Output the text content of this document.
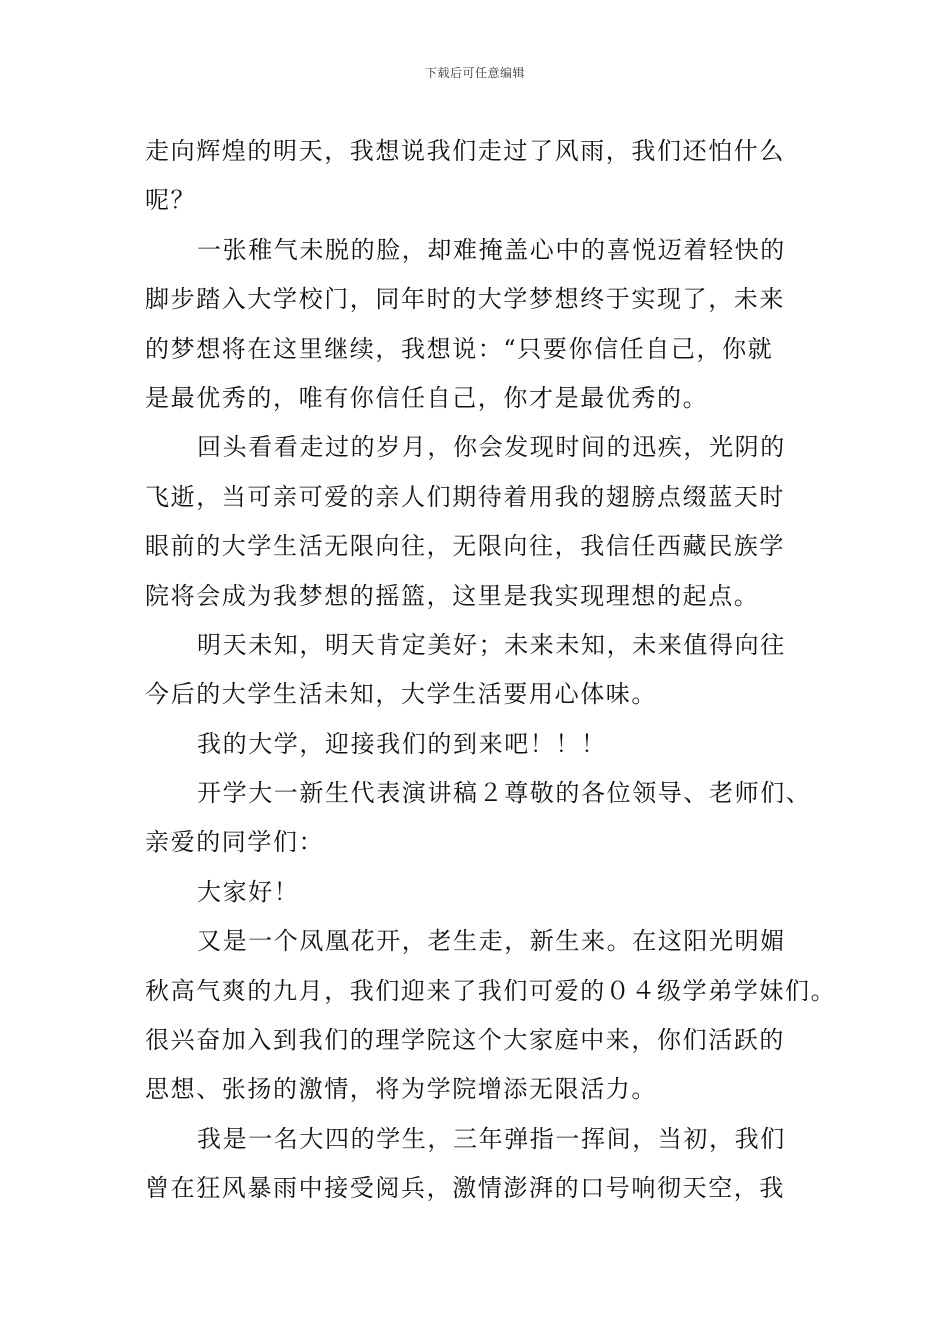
下载后可任意编辑
走向辉煌的明天，我想说我们走过了风雨，我们还怕什么
呢？
一张稚气未脱的脸，却难掩盖心中的喜悦迈着轻快的
脚步踏入大学校门，同年时的大学梦想终于实现了，未来
的梦想将在这里继续，我想说：“只要你信任自己，你就
是最优秀的，唯有你信任自己，你才是最优秀的。
回头看看走过的岁月，你会发现时间的迅疾，光阴的
飞逝，当可亲可爱的亲人们期待着用我的翅膀点缀蓝天时
眼前的大学生活无限向往，无限向往，我信任西藏民族学
院将会成为我梦想的摇篮，这里是我实现理想的起点。
明天未知，明天肯定美好；未来未知，未来值得向往
今后的大学生活未知，大学生活要用心体味。
我的大学，迎接我们的到来吧！！！
开学大一新生代表演讲稿２尊敬的各位领导、老师们、
亲爱的同学们：
大家好！
又是一个凤凰花开，老生走，新生来。在这阳光明媚
秋高气爽的九月，我们迎来了我们可爱的０４级学弟学妹们。
很兴奋加入到我们的理学院这个大家庭中来，你们活跃的
思想、张扬的激情，将为学院增添无限活力。
我是一名大四的学生，三年弹指一挥间，当初，我们
曾在狂风暴雨中接受阅兵，激情澎湃的口号响彻天空，我
